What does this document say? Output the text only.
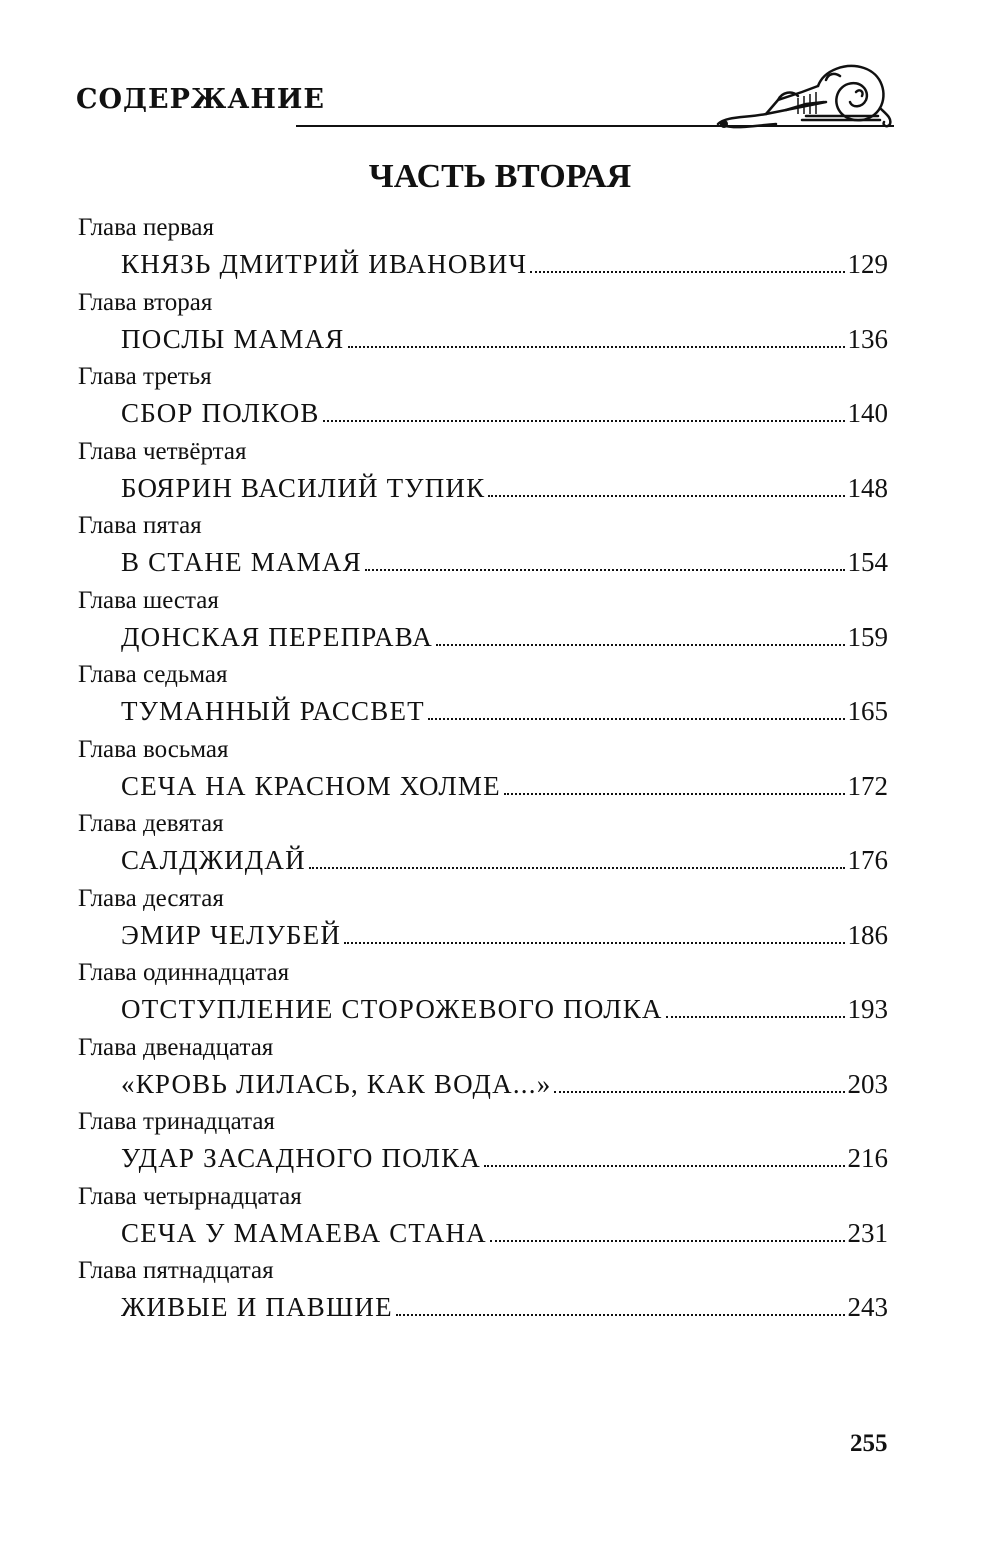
СОДЕРЖАНИЕ
ЧАСТЬ ВТОРАЯ
Глава первая
КНЯЗЬ ДМИТРИЙ ИВАНОВИЧ	129
Глава вторая
ПОСЛЫ МАМАЯ	136
Глава третья
СБОР ПОЛКОВ	140
Глава четвёртая
БОЯРИН ВАСИЛИЙ ТУПИК	148
Глава пятая
В СТАНЕ МАМАЯ	154
Глава шестая
ДОНСКАЯ ПЕРЕПРАВА	159
Глава седьмая
ТУМАННЫЙ РАССВЕТ	165
Глава восьмая
СЕЧА НА КРАСНОМ ХОЛМЕ	172
Глава девятая
САЛДЖИДАЙ	176
Глава десятая
ЭМИР ЧЕЛУБЕЙ	186
Глава одиннадцатая
ОТСТУПЛЕНИЕ СТОРОЖЕВОГО ПОЛКА	193
Глава двенадцатая
«КРОВЬ ЛИЛАСЬ, КАК ВОДА...»	203
Глава тринадцатая
УДАР ЗАСАДНОГО ПОЛКА	216
Глава четырнадцатая
СЕЧА У МАМАЕВА СТАНА	231
Глава пятнадцатая
ЖИВЫЕ И ПАВШИЕ	243
255
